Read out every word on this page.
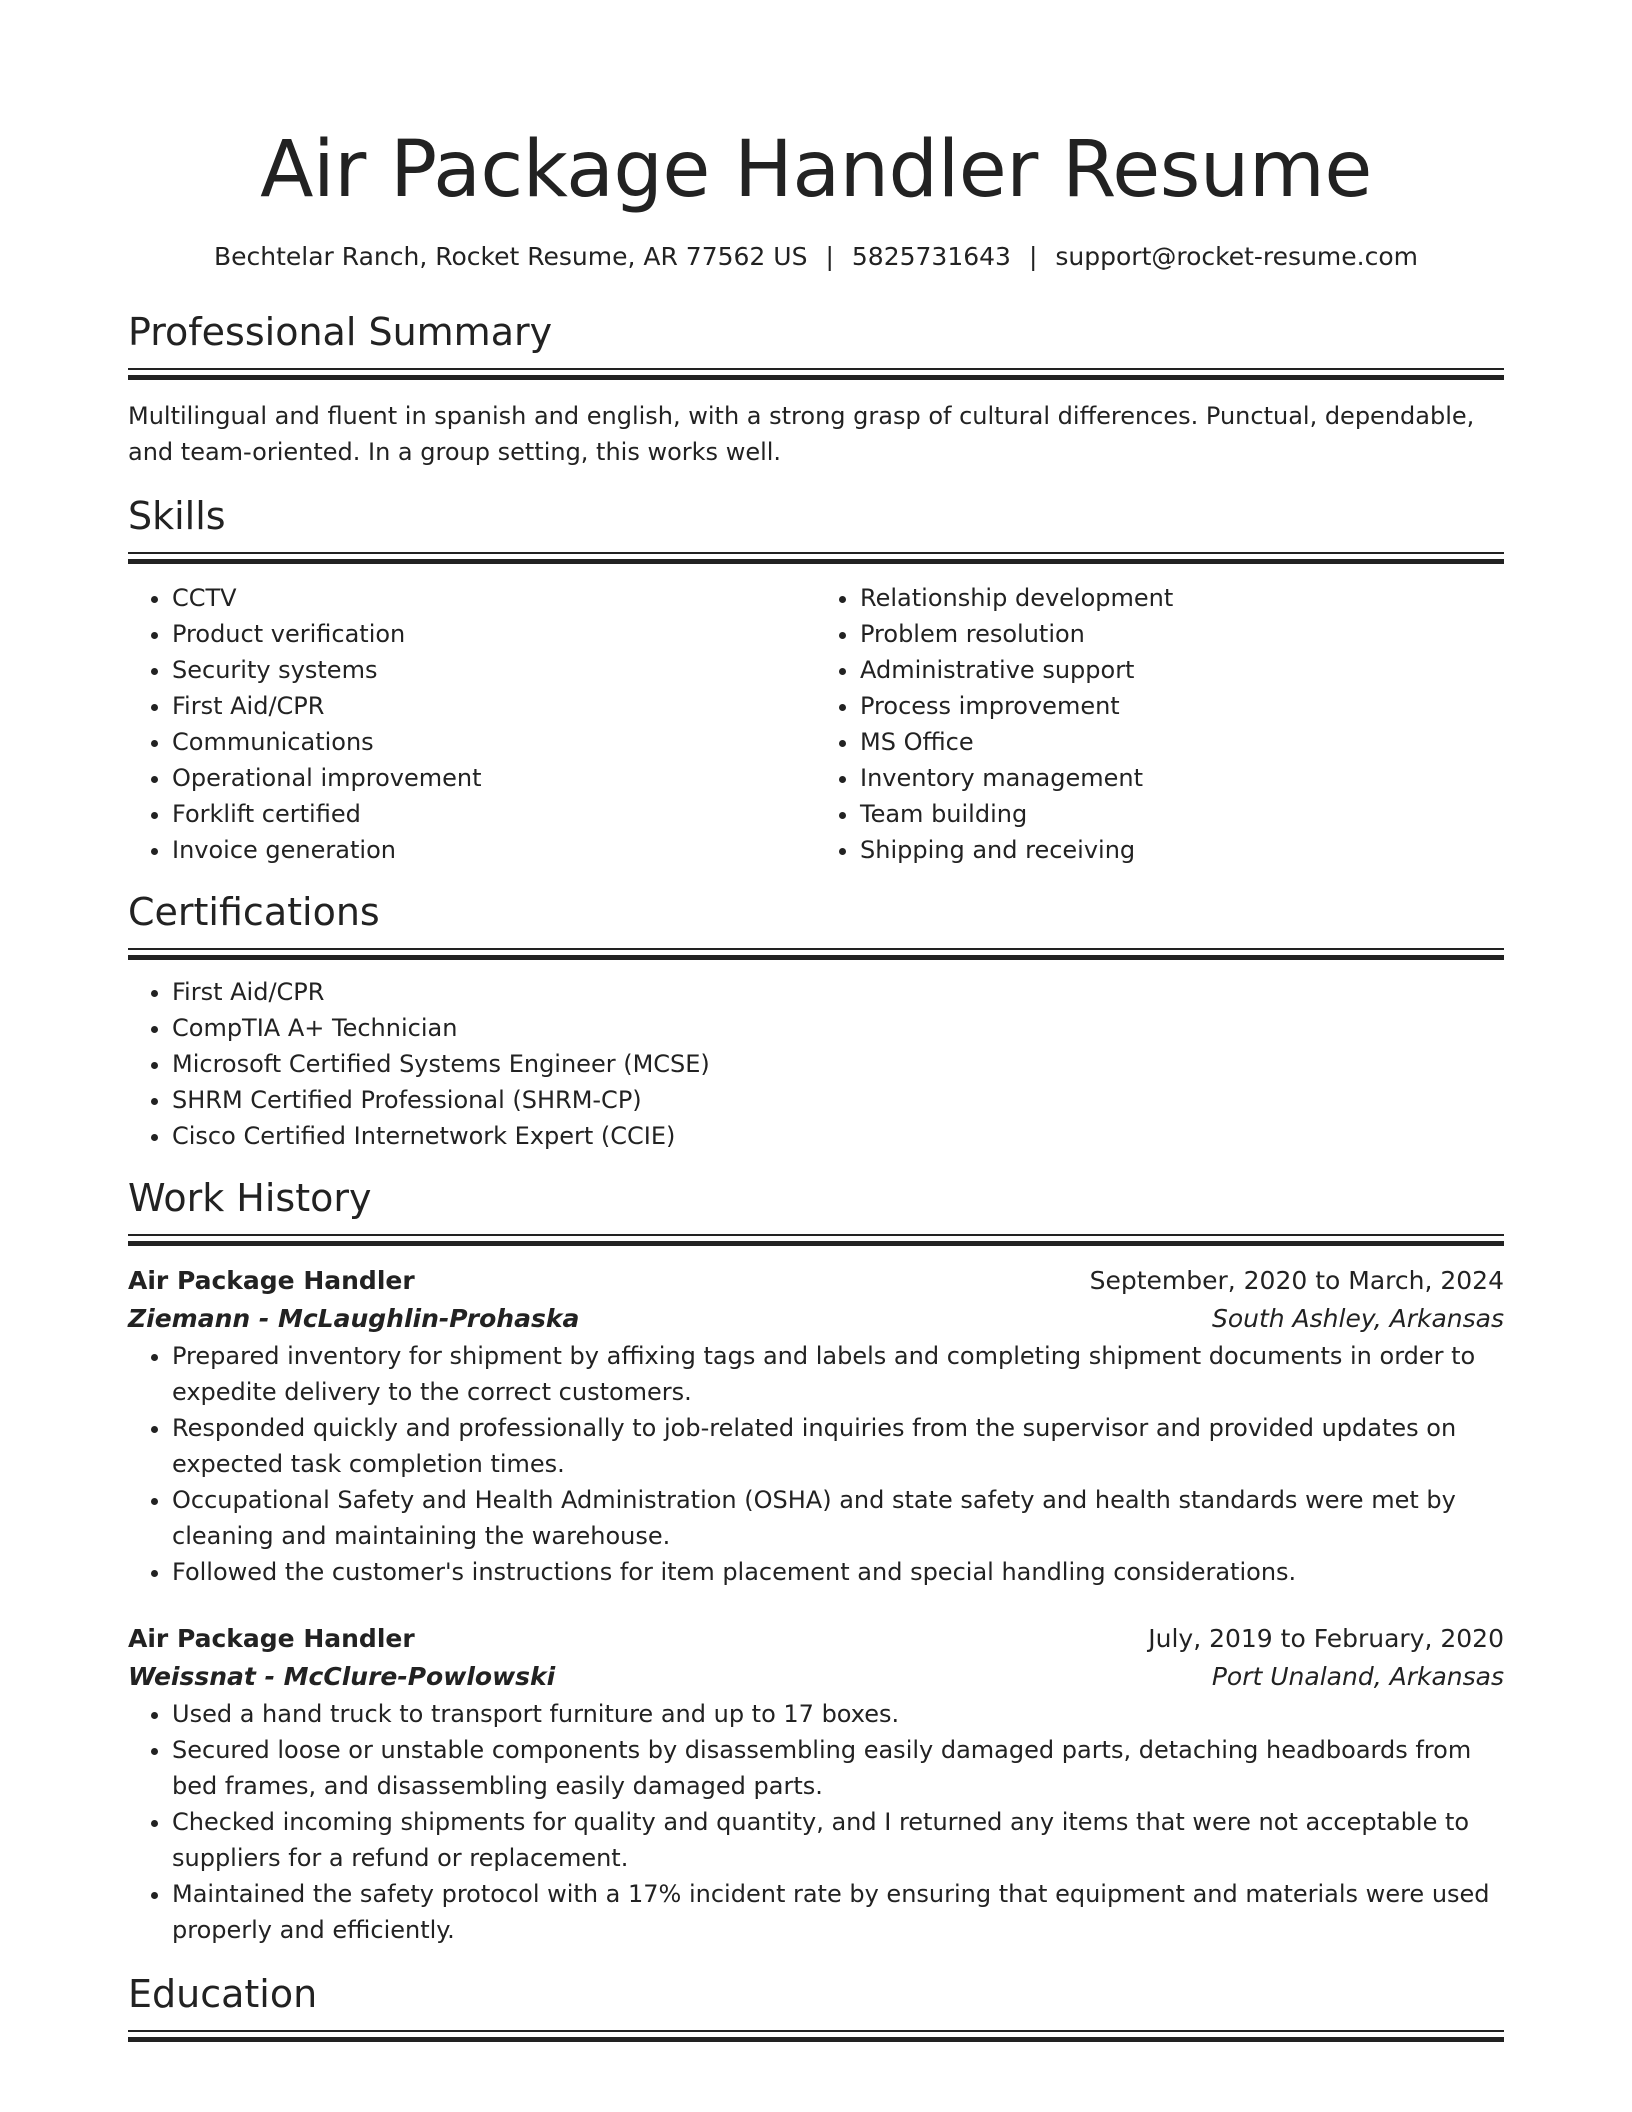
Air Package Handler Resume
Bechtelar Ranch, Rocket Resume, AR 77562 US | 5825731643 | support@rocket-resume.com
Professional Summary

Multilingual and fluent in spanish and english, with a strong grasp of cultural differences. Punctual, dependable, and team-oriented. In a group setting, this works well.

Skills
• CCTV
• Product verification
• Security systems
• First Aid/CPR
• Communications
• Operational improvement
• Forklift certified
• Invoice generation
• Relationship development
• Problem resolution
• Administrative support
• Process improvement
• MS Office
• Inventory management
• Team building
• Shipping and receiving
Certifications
• First Aid/CPR
• CompTIA A+ Technician
• Microsoft Certified Systems Engineer (MCSE)
• SHRM Certified Professional (SHRM-CP)
• Cisco Certified Internetwork Expert (CCIE)
Work History
Air Package Handler	September, 2020 to March, 2024
Ziemann - McLaughlin-Prohaska	South Ashley, Arkansas
• Prepared inventory for shipment by affixing tags and labels and completing shipment documents in order to expedite delivery to the correct customers.
• Responded quickly and professionally to job-related inquiries from the supervisor and provided updates on expected task completion times.
• Occupational Safety and Health Administration (OSHA) and state safety and health standards were met by cleaning and maintaining the warehouse.
• Followed the customer's instructions for item placement and special handling considerations.
Air Package Handler	July, 2019 to February, 2020
Weissnat - McClure-Powlowski	Port Unaland, Arkansas
• Used a hand truck to transport furniture and up to 17 boxes.
• Secured loose or unstable components by disassembling easily damaged parts, detaching headboards from bed frames, and disassembling easily damaged parts.
• Checked incoming shipments for quality and quantity, and I returned any items that were not acceptable to suppliers for a refund or replacement.
• Maintained the safety protocol with a 17% incident rate by ensuring that equipment and materials were used properly and efficiently.
Education
